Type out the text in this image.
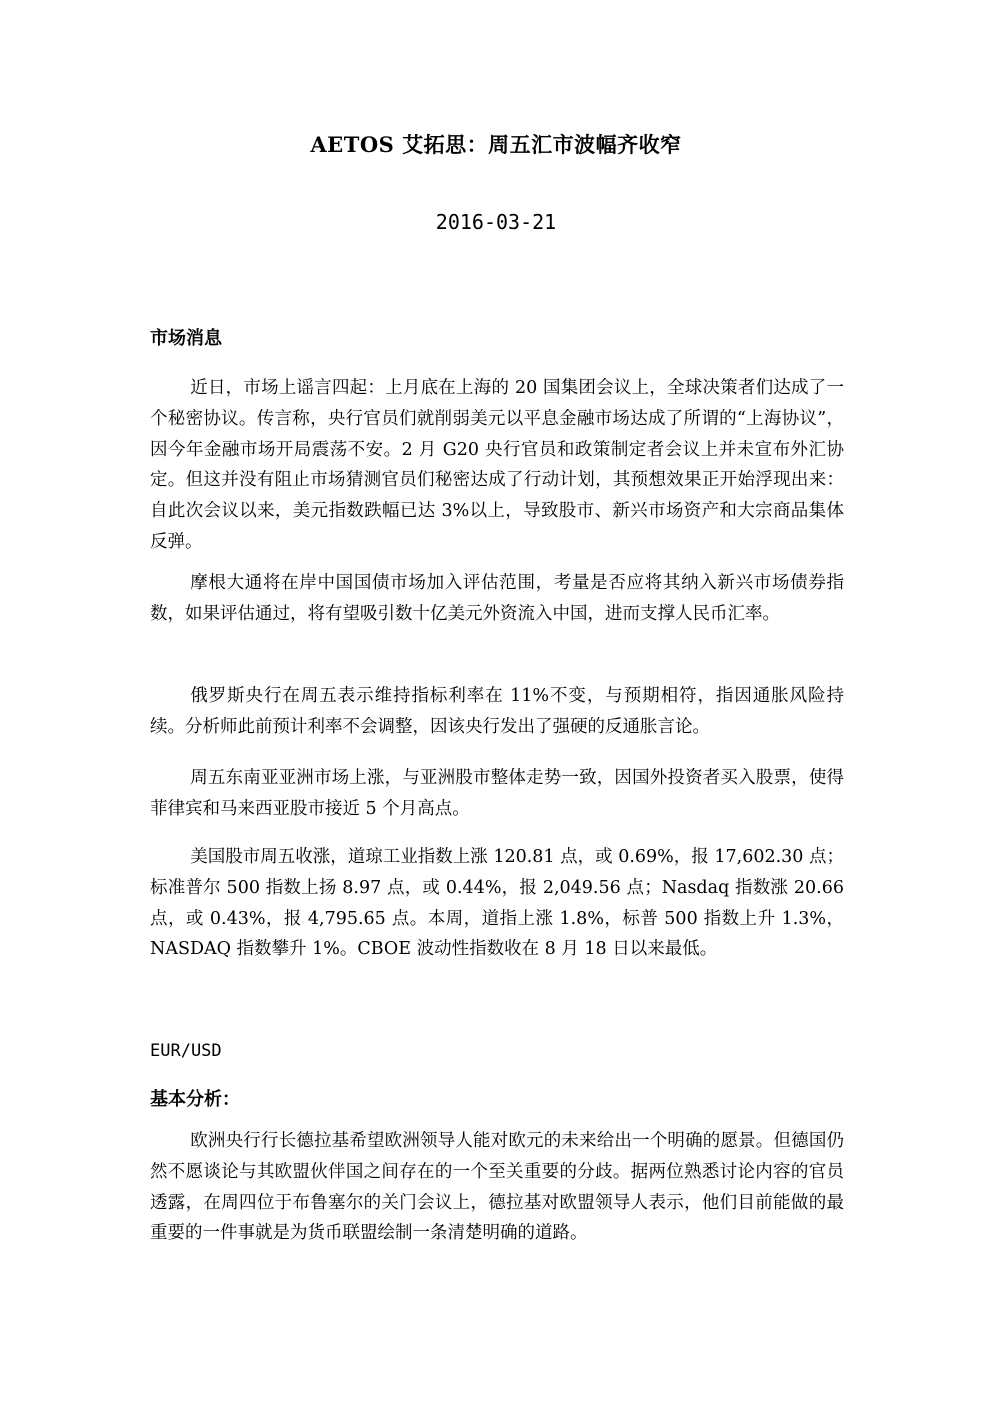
AETOS 艾拓思：周五汇市波幅齐收窄
2016-03-21
市场消息

近日，市场上谣言四起：上月底在上海的 20 国集团会议上，全球决策者们达成了一个秘密协议。传言称，央行官员们就削弱美元以平息金融市场达成了所谓的“上海协议”，因今年金融市场开局震荡不安。2 月 G20 央行官员和政策制定者会议上并未宣布外汇协定。但这并没有阻止市场猜测官员们秘密达成了行动计划，其预想效果正开始浮现出来：自此次会议以来，美元指数跌幅已达 3%以上，导致股市、新兴市场资产和大宗商品集体反弹。

摩根大通将在岸中国国债市场加入评估范围，考量是否应将其纳入新兴市场债券指数，如果评估通过，将有望吸引数十亿美元外资流入中国，进而支撑人民币汇率。

俄罗斯央行在周五表示维持指标利率在 11%不变，与预期相符，指因通胀风险持续。分析师此前预计利率不会调整，因该央行发出了强硬的反通胀言论。

周五东南亚亚洲市场上涨，与亚洲股市整体走势一致，因国外投资者买入股票，使得菲律宾和马来西亚股市接近 5 个月高点。

美国股市周五收涨，道琼工业指数上涨 120.81 点，或 0.69%，报 17,602.30 点；标准普尔 500 指数上扬 8.97 点，或 0.44%，报 2,049.56 点；Nasdaq 指数涨 20.66 点，或 0.43%，报 4,795.65 点。本周，道指上涨 1.8%，标普 500 指数上升 1.3%，NASDAQ 指数攀升 1%。CBOE 波动性指数收在 8 月 18 日以来最低。

EUR/USD
基本分析：

欧洲央行行长德拉基希望欧洲领导人能对欧元的未来给出一个明确的愿景。但德国仍然不愿谈论与其欧盟伙伴国之间存在的一个至关重要的分歧。据两位熟悉讨论内容的官员透露，在周四位于布鲁塞尔的关门会议上，德拉基对欧盟领导人表示，他们目前能做的最重要的一件事就是为货币联盟绘制一条清楚明确的道路。
